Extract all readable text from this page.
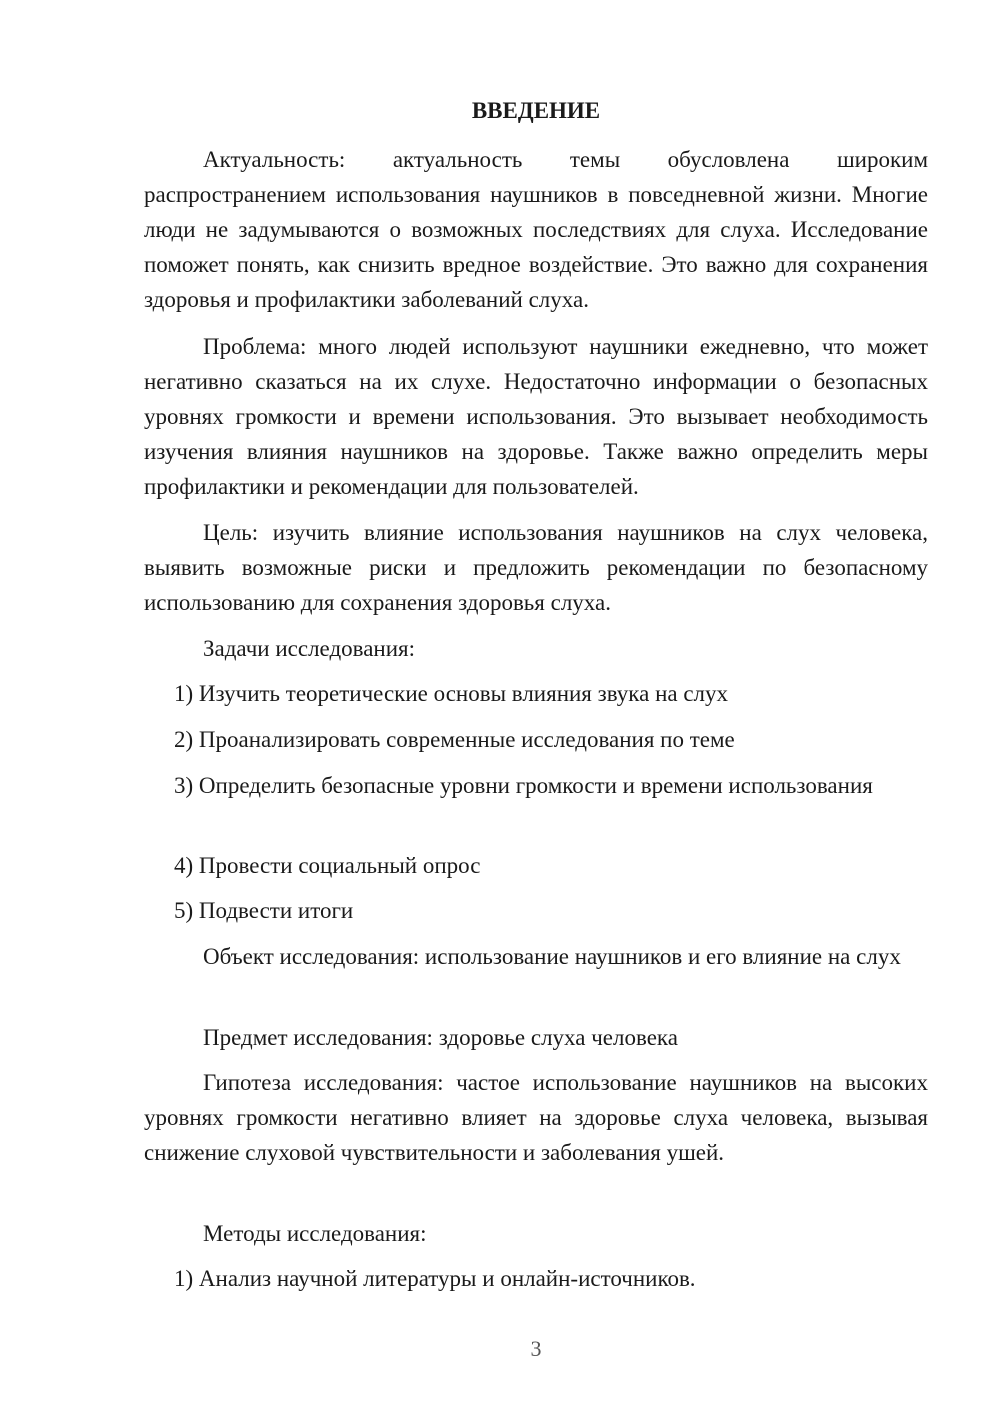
ВВЕДЕНИЕ

Актуальность: актуальность темы обусловлена широким распространением использования наушников в повседневной жизни. Многие люди не задумываются о возможных последствиях для слуха. Исследование поможет понять, как снизить вредное воздействие. Это важно для сохранения здоровья и профилактики заболеваний слуха.

Проблема: много людей используют наушники ежедневно, что может негативно сказаться на их слухе. Недостаточно информации о безопасных уровнях громкости и времени использования. Это вызывает необходимость изучения влияния наушников на здоровье. Также важно определить меры профилактики и рекомендации для пользователей.

Цель: изучить влияние использования наушников на слух человека, выявить возможные риски и предложить рекомендации по безопасному использованию для сохранения здоровья слуха.

Задачи исследования:

1) Изучить теоретические основы влияния звука на слух

2) Проанализировать современные исследования по теме

3) Определить безопасные уровни громкости и времени использования

4) Провести социальный опрос

5) Подвести итоги

Объект исследования: использование наушников и его влияние на слух

Предмет исследования: здоровье слуха человека

Гипотеза исследования: частое использование наушников на высоких уровнях громкости негативно влияет на здоровье слуха человека, вызывая снижение слуховой чувствительности и заболевания ушей.

Методы исследования:

1) Анализ научной литературы и онлайн-источников.

3
